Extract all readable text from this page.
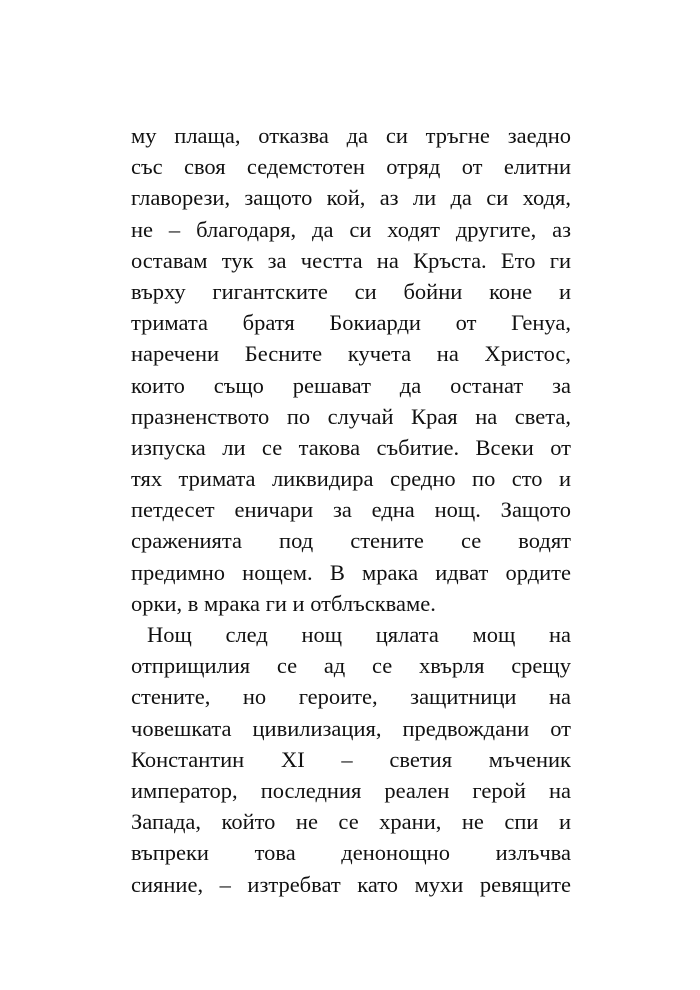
му плаща, отказва да си тръгне заедно
със своя седемстотен отряд от елитни
главорези, защото кой, аз ли да си ходя,
не – благодаря, да си ходят другите, аз
оставам тук за честта на Кръста. Ето ги
върху гигантските си бойни коне и
тримата братя Бокиарди от Генуа,
наречени Бесните кучета на Христос,
които също решават да останат за
празненството по случай Края на света,
изпуска ли се такова събитие. Всеки от
тях тримата ликвидира средно по сто и
петдесет еничари за една нощ. Защото
сраженията под стените се водят
предимно нощем. В мрака идват ордите
орки, в мрака ги и отблъскваме.
Нощ след нощ цялата мощ на
отприщилия се ад се хвърля срещу
стените, но героите, защитници на
човешката цивилизация, предвождани от
Константин XI – светия мъченик
император, последния реален герой на
Запада, който не се храни, не спи и
въпреки това денонощно излъчва
сияние, – изтребват като мухи ревящите
